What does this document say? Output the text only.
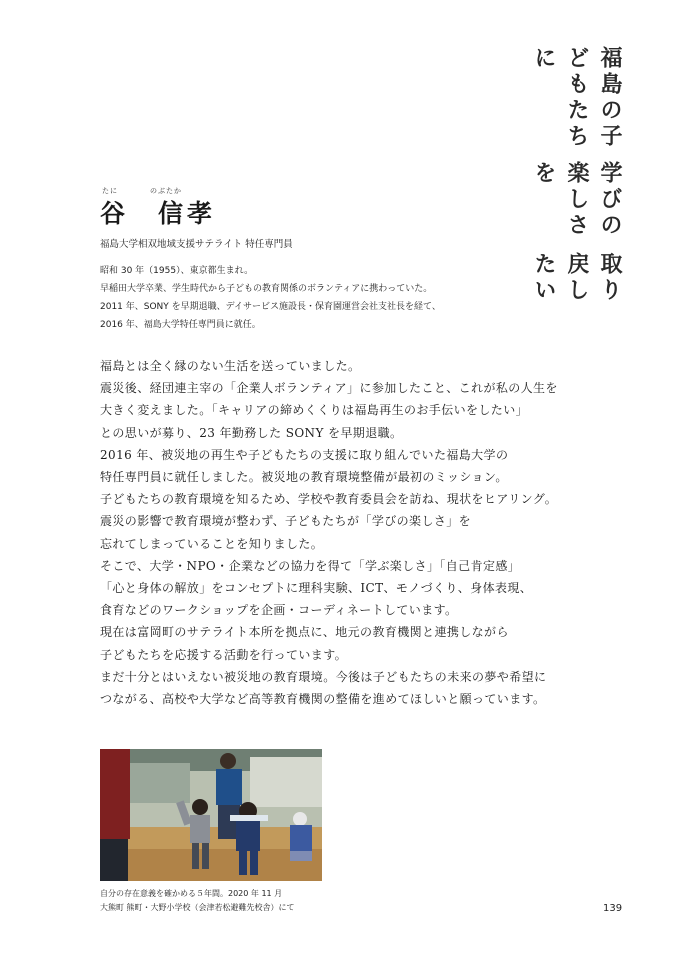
福島の子どもたちに
学びの楽しさを
取り戻したい
たに	のぶたか
谷　信孝
福島大学相双地域支援サテライト 特任専門員
昭和 30 年（1955）、東京都生まれ。
早稲田大学卒業、学生時代から子どもの教育関係のボランティアに携わっていた。
2011 年、SONY を早期退職、デイサービス施設長・保育園運営会社支社長を経て、
2016 年、福島大学特任専門員に就任。
福島とは全く縁のない生活を送っていました。
震災後、経団連主宰の「企業人ボランティア」に参加したこと、これが私の人生を
大きく変えました。「キャリアの締めくくりは福島再生のお手伝いをしたい」
との思いが募り、23 年勤務した SONY を早期退職。
2016 年、被災地の再生や子どもたちの支援に取り組んでいた福島大学の
特任専門員に就任しました。被災地の教育環境整備が最初のミッション。
子どもたちの教育環境を知るため、学校や教育委員会を訪ね、現状をヒアリング。
震災の影響で教育環境が整わず、子どもたちが「学びの楽しさ」を
忘れてしまっていることを知りました。
そこで、大学・NPO・企業などの協力を得て「学ぶ楽しさ」「自己肯定感」
「心と身体の解放」をコンセプトに理科実験、ICT、モノづくり、身体表現、
食育などのワークショップを企画・コーディネートしています。
現在は富岡町のサテライト本所を拠点に、地元の教育機関と連携しながら
子どもたちを応援する活動を行っています。
まだ十分とはいえない被災地の教育環境。今後は子どもたちの未来の夢や希望に
つながる、高校や大学など高等教育機関の整備を進めてほしいと願っています。
自分の存在意義を確かめる５年間。2020 年 11 月
大熊町 熊町・大野小学校（会津若松避難先校舎）にて	139
